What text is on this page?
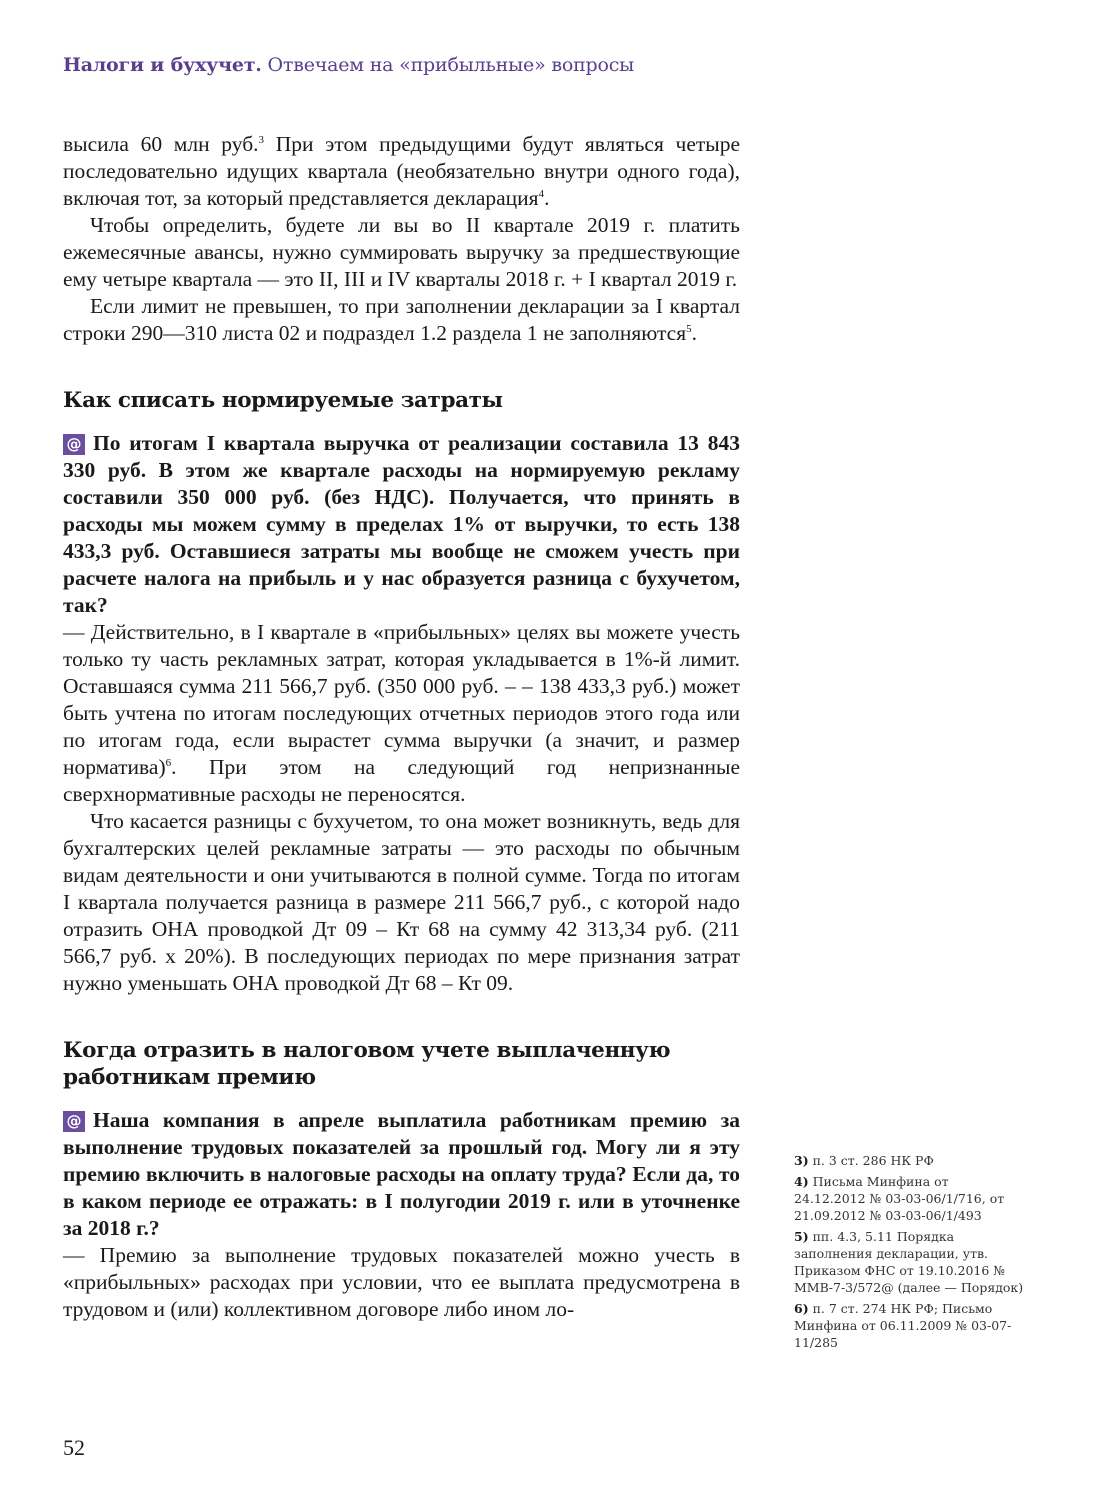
Налоги и бухучет. Отвечаем на «прибыльные» вопросы

высила 60 млн руб.$^3$ При этом предыдущими будут являться четыре последовательно идущих квартала (необязательно внутри одного года), включая тот, за который представляется декларация$^4$.

Чтобы определить, будете ли вы во II квартале 2019 г. платить ежемесячные авансы, нужно суммировать выручку за предшествующие ему четыре квартала — это II, III и IV кварталы 2018 г. + I квартал 2019 г.

Если лимит не превышен, то при заполнении декларации за I квартал строки 290—310 листа 02 и подраздел 1.2 раздела 1 не заполняются$^5$.

Как списать нормируемые затраты

@ По итогам I квартала выручка от реализации составила 13 843 330 руб. В этом же квартале расходы на нормируемую рекламу составили 350 000 руб. (без НДС). Получается, что принять в расходы мы можем сумму в пределах 1% от выручки, то есть 138 433,3 руб. Оставшиеся затраты мы вообще не сможем учесть при расчете налога на прибыль и у нас образуется разница с бухучетом, так?

— Действительно, в I квартале в «прибыльных» целях вы можете учесть только ту часть рекламных затрат, которая укладывается в 1%-й лимит. Оставшаяся сумма 211 566,7 руб. (350 000 руб. – – 138 433,3 руб.) может быть учтена по итогам последующих отчетных периодов этого года или по итогам года, если вырастет сумма выручки (а значит, и размер норматива)$^6$. При этом на следующий год непризнанные сверхнормативные расходы не переносятся.

Что касается разницы с бухучетом, то она может возникнуть, ведь для бухгалтерских целей рекламные затраты — это расходы по обычным видам деятельности и они учитываются в полной сумме. Тогда по итогам I квартала получается разница в размере 211 566,7 руб., с которой надо отразить ОНА проводкой Дт 09 – Кт 68 на сумму 42 313,34 руб. (211 566,7 руб. х 20%). В последующих периодах по мере признания затрат нужно уменьшать ОНА проводкой Дт 68 – Кт 09.

Когда отразить в налоговом учете выплаченную работникам премию

@ Наша компания в апреле выплатила работникам премию за выполнение трудовых показателей за прошлый год. Могу ли я эту премию включить в налоговые расходы на оплату труда? Если да, то в каком периоде ее отражать: в I полугодии 2019 г. или в уточненке за 2018 г.?

— Премию за выполнение трудовых показателей можно учесть в «прибыльных» расходах при условии, что ее выплата предусмотрена в трудовом и (или) коллективном договоре либо ином ло-

3) п. 3 ст. 286 НК РФ
4) Письма Минфина от 24.12.2012 № 03-03-06/1/716, от 21.09.2012 № 03-03-06/1/493
5) пп. 4.3, 5.11 Порядка заполнения декларации, утв. Приказом ФНС от 19.10.2016 № ММВ-7-3/572@ (далее — Порядок)
6) п. 7 ст. 274 НК РФ; Письмо Минфина от 06.11.2009 № 03-07-11/285
52
